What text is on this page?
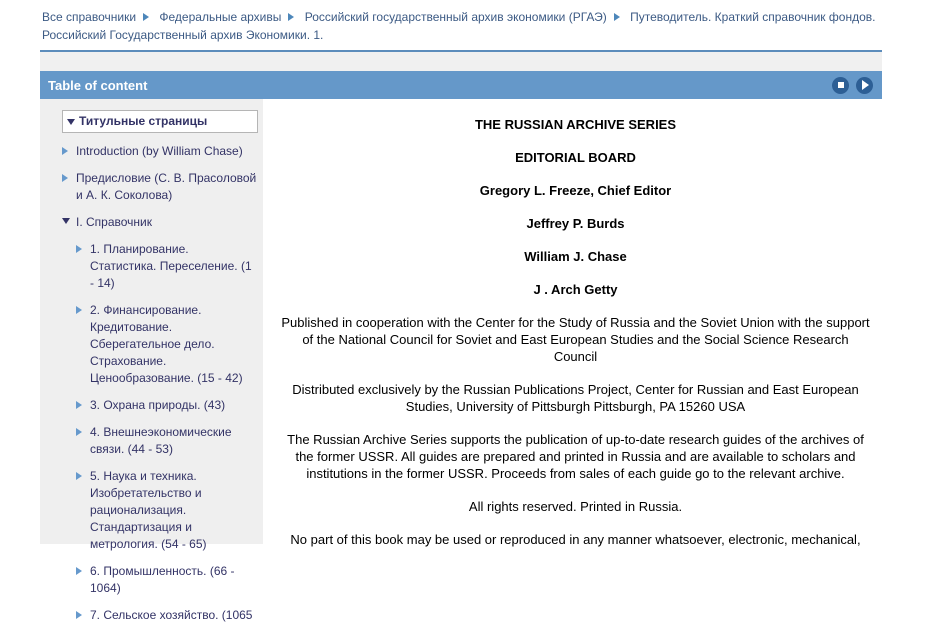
Все справочники Федеральные архивы Российский государственный архив экономики (РГАЭ) Путеводитель. Краткий справочник фондов. Российский Государственный архив Экономики. 1.
Table of content
Титульные страницы
Introduction (by William Chase)
Предисловие (С. В. Прасоловой и А. К. Соколова)
I. Справочник
1. Планирование. Статистика. Переселение. (1 - 14)
2. Финансирование. Кредитование. Сберегательное дело. Страхование. Ценообразование. (15 - 42)
3. Охрана природы. (43)
4. Внешнеэкономические связи. (44 - 53)
5. Наука и техника. Изобретательство и рационализация. Стандартизация и метрология. (54 - 65)
6. Промышленность. (66 - 1064)
7. Сельское хозяйство. (1065
THE RUSSIAN ARCHIVE SERIES
EDITORIAL BOARD
Gregory L. Freeze, Chief Editor
Jeffrey P. Burds
William J. Chase
J . Arch Getty
Published in cooperation with the Center for the Study of Russia and the Soviet Union with the support of the National Council for Soviet and East European Studies and the Social Science Research Council
Distributed exclusively by the Russian Publications Project, Center for Russian and East European Studies, University of Pittsburgh Pittsburgh, PA 15260 USA
The Russian Archive Series supports the publication of up-to-date research guides of the archives of the former USSR. All guides are prepared and printed in Russia and are available to scholars and institutions in the former USSR. Proceeds from sales of each guide go to the relevant archive.
All rights reserved. Printed in Russia.
No part of this book may be used or reproduced in any manner whatsoever, electronic, mechanical,
